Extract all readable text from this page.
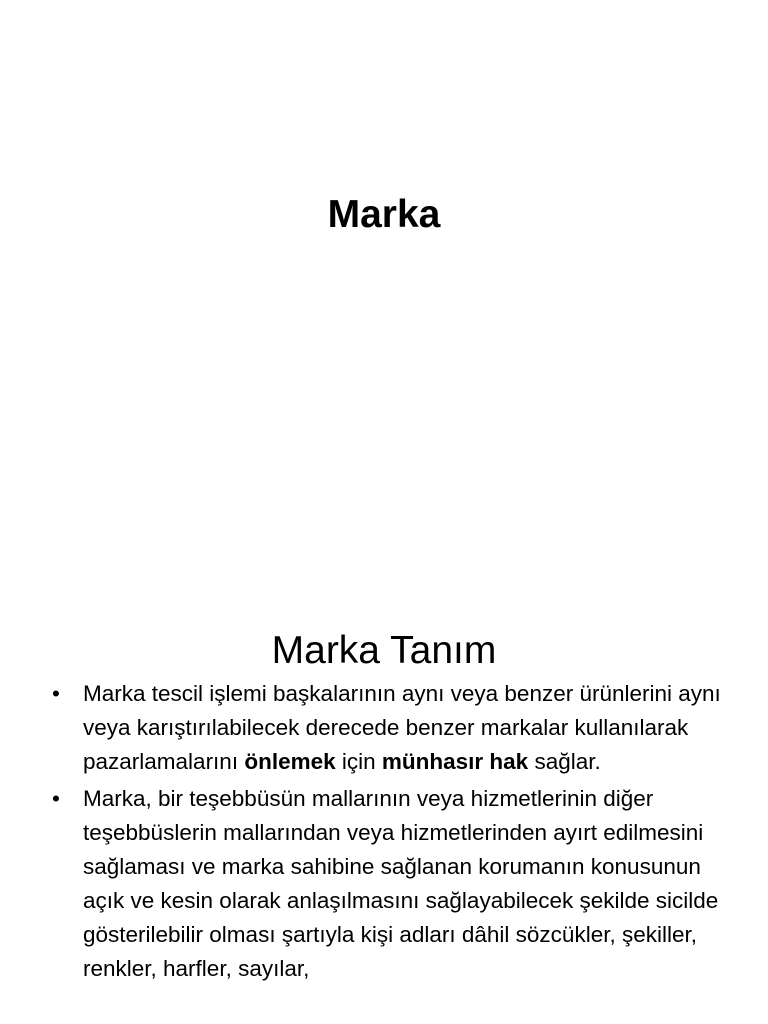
Marka
Marka Tanım
• Marka tescil işlemi başkalarının aynı veya benzer ürünlerini aynı veya karıştırılabilecek derecede benzer markalar kullanılarak pazarlamalarını önlemek için münhasır hak sağlar.
• Marka, bir teşebbüsün mallarının veya hizmetlerinin diğer teşebbüslerin mallarından veya hizmetlerinden ayırt edilmesini sağlaması ve marka sahibine sağlanan korumanın konusunun açık ve kesin olarak anlaşılmasını sağlayabilecek şekilde sicilde gösterilebilir olması şartıyla kişi adları dâhil sözcükler, şekiller, renkler, harfler, sayılar,
